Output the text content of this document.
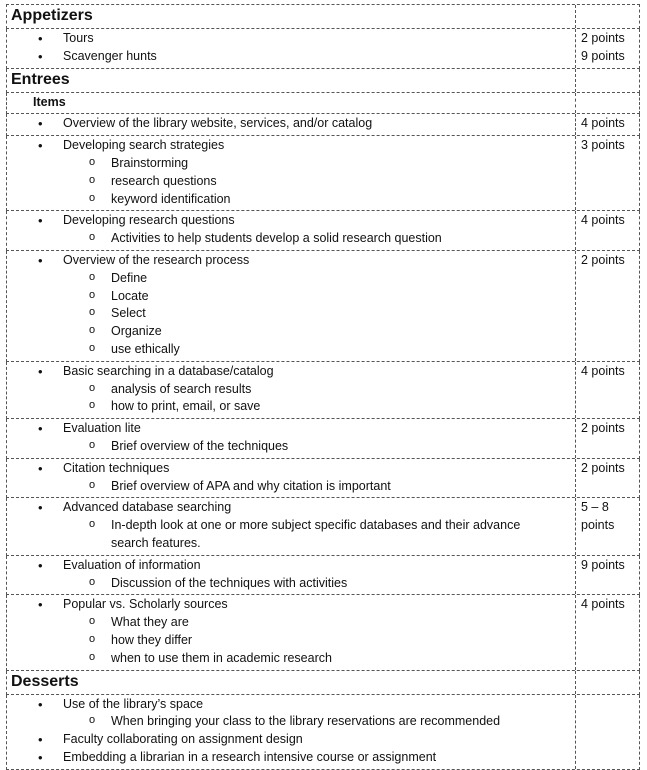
Appetizers
• Tours
• Scavenger hunts
2 points
9 points
Entrees
Items
• Overview of the library website, services, and/or catalog	4 points
• Developing search strategies
o Brainstorming
o research questions
o keyword identification
3 points
• Developing research questions
o Activities to help students develop a solid research question
4 points
• Overview of the research process
o Define
o Locate
o Select
o Organize
o use ethically
2 points
• Basic searching in a database/catalog
o analysis of search results
o how to print, email, or save
4 points
• Evaluation lite
o Brief overview of the techniques
2 points
• Citation techniques
o Brief overview of APA and why citation is important
2 points
• Advanced database searching
o In-depth look at one or more subject specific databases and their advance search features.
5 – 8 points
• Evaluation of information
o Discussion of the techniques with activities
9 points
• Popular vs. Scholarly sources
o What they are
o how they differ
o when to use them in academic research
4 points
Desserts
• Use of the library’s space
o When bringing your class to the library reservations are recommended
• Faculty collaborating on assignment design
• Embedding a librarian in a research intensive course or assignment
